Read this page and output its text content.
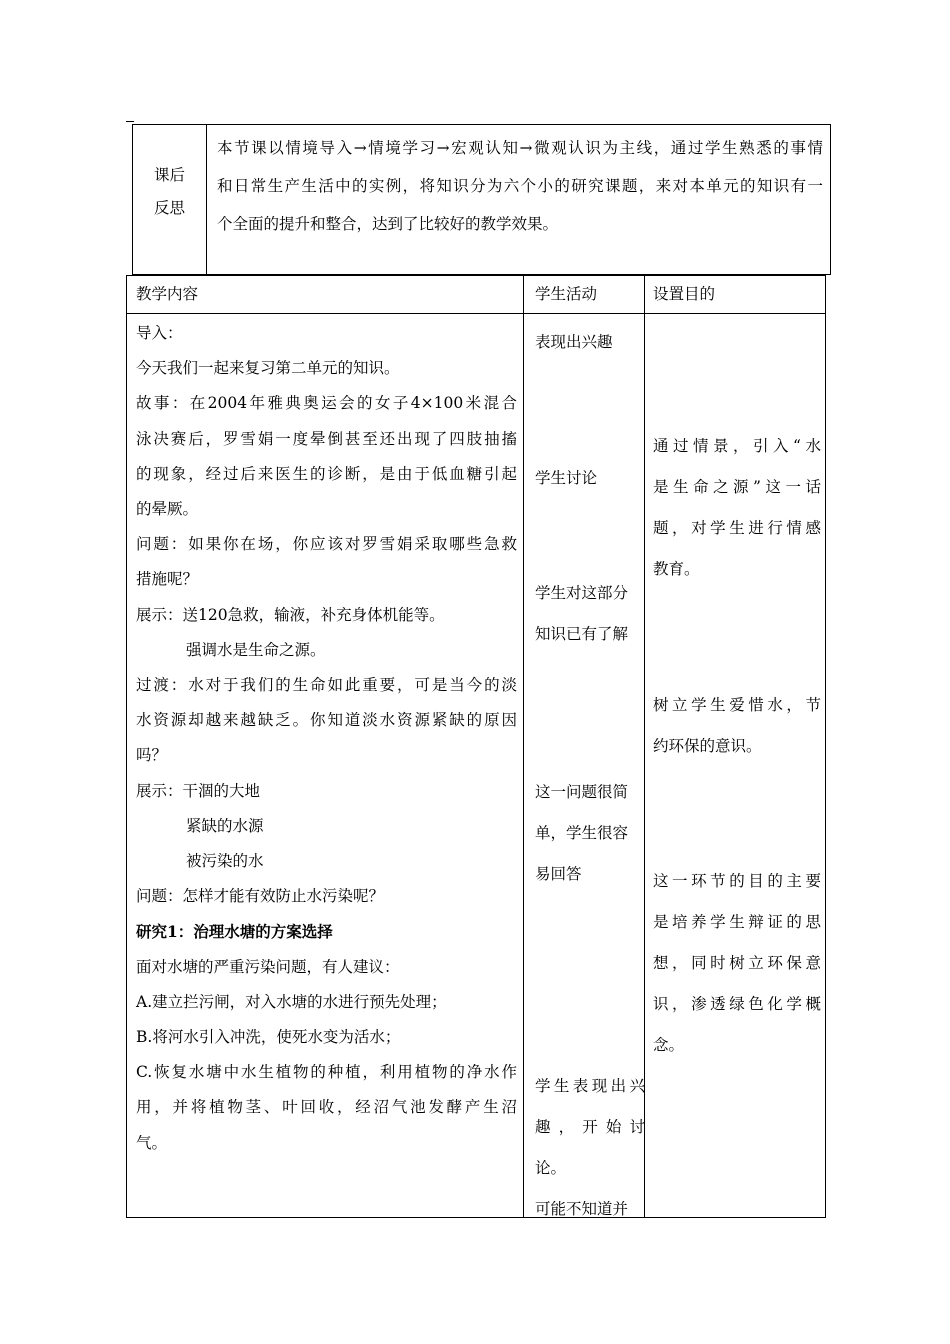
课后
反思
本节课以情境导入→情境学习→宏观认知→微观认识为主线，通过学生熟悉的事情
和日常生产生活中的实例，将知识分为六个小的研究课题，来对本单元的知识有一
个全面的提升和整合，达到了比较好的教学效果。
教学内容	学生活动	设置目的
导入：
今天我们一起来复习第二单元的知识。
故事：在2004年雅典奥运会的女子4×100米混合
泳决赛后，罗雪娟一度晕倒甚至还出现了四肢抽搐
的现象，经过后来医生的诊断，是由于低血糖引起
的晕厥。
问题：如果你在场，你应该对罗雪娟采取哪些急救
措施呢？
展示：送120急救，输液，补充身体机能等。
强调水是生命之源。
过渡：水对于我们的生命如此重要，可是当今的淡
水资源却越来越缺乏。你知道淡水资源紧缺的原因
吗？
展示：干涸的大地
紧缺的水源
被污染的水
问题：怎样才能有效防止水污染呢？
研究1：治理水塘的方案选择
面对水塘的严重污染问题，有人建议：
A.建立拦污闸，对入水塘的水进行预先处理；
B.将河水引入冲洗，使死水变为活水；
C.恢复水塘中水生植物的种植，利用植物的净水作
用，并将植物茎、叶回收，经沼气池发酵产生沼
气。
表现出兴趣
学生讨论
学生对这部分
知识已有了解
这一问题很简
单，学生很容
易回答
学生表现出兴
趣，开始讨
论。
可能不知道并
通过情景，引入“水
是生命之源”这一话
题，对学生进行情感
教育。
树立学生爱惜水，节
约环保的意识。
这一环节的目的主要
是培养学生辩证的思
想，同时树立环保意
识，渗透绿色化学概
念。
